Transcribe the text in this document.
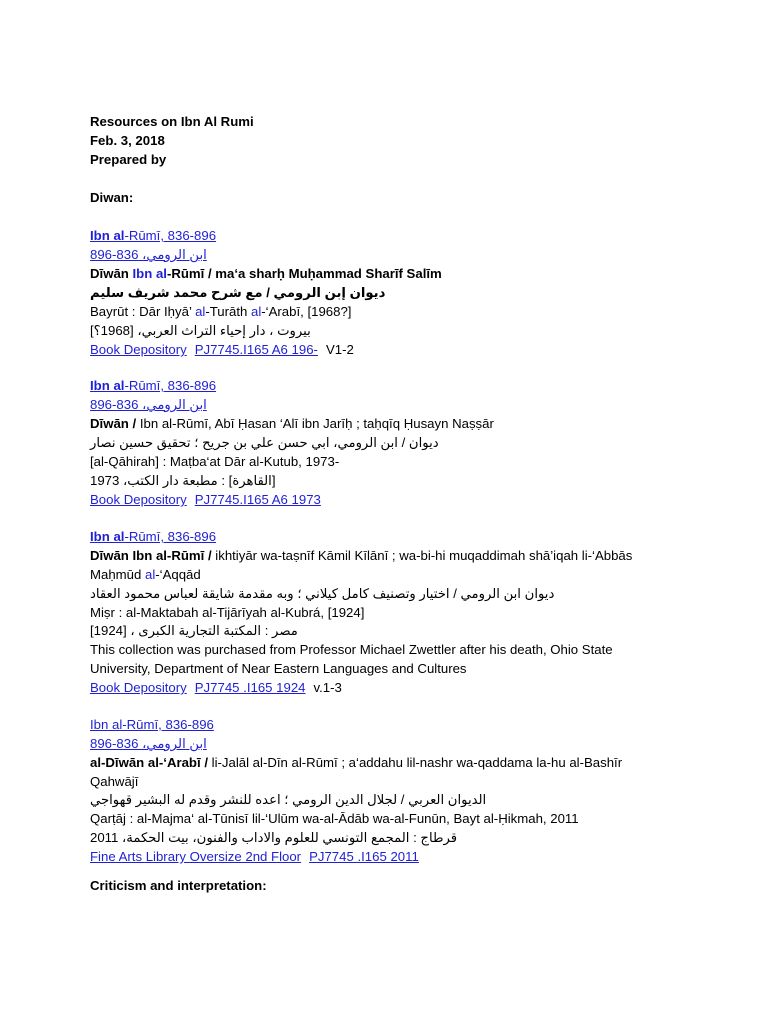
Resources on Ibn Al Rumi
Feb. 3, 2018
Prepared by
Diwan:
Ibn al-Rūmī, 836-896
ابن الرومي، 836-896
Dīwān Ibn al-Rūmī / ma‘a sharḥ Muḥammad Sharīf Salīm
ديوان إبن الرومي / مع شرح محمد شريف سليم
Bayrūt : Dār Iḥyā’ al-Turāth al-‘Arabī, [1968?]
بيروت ، دار إحياء التراث العربي، [1968؟]
Book Depository PJ7745.I165 A6 196- V1-2
Ibn al-Rūmī, 836-896
ابن الرومي، 836-896
Dīwān / Ibn al-Rūmī, Abī Ḥasan ‘Alī ibn Jarīḥ ; taḥqīq Ḥusayn Naṣṣār
ديوان / ابن الرومي، ابي حسن علي بن جريح ؛ تحقيق حسين نصار
[al-Qāhirah] : Maṭba‘at Dār al-Kutub, 1973-
[القاهرة] : مطبعة دار الكتب، 1973
Book Depository PJ7745.I165 A6 1973
Ibn al-Rūmī, 836-896
Dīwān Ibn al-Rūmī / ikhtiyār wa-taṣnīf Kāmil Kīlānī ; wa-bi-hi muqaddimah shā’iqah li-‘Abbās
Maḥmūd al-‘Aqqād
ديوان ابن الرومي / اختيار وتصنيف كامل كيلاني ؛ وبه مقدمة شايقة لعباس محمود العقاد
Miṣr : al-Maktabah al-Tijārīyah al-Kubrá, [1924]
مصر : المكتبة التجارية الكبرى ، [1924]
This collection was purchased from Professor Michael Zwettler after his death, Ohio State
University, Department of Near Eastern Languages and Cultures
Book Depository PJ7745 .I165 1924 v.1-3
Ibn al-Rūmī, 836-896
ابن الرومي، 836-896
al-Dīwān al-‘Arabī / li-Jalāl al-Dīn al-Rūmī ; a‘addahu lil-nashr wa-qaddama la-hu al-Bashīr
Qahwājī
الديوان العربي / لجلال الدين الرومي ؛ اعده للنشر وقدم له البشير قهواجي
Qarṭāj : al-Majma‘ al-Tūnisī lil-‘Ulūm wa-al-Ādāb wa-al-Funūn, Bayt al-Ḥikmah, 2011
قرطاج : المجمع التونسي للعلوم والاداب والفنون، بيت الحكمة، 2011
Fine Arts Library Oversize 2nd Floor PJ7745 .I165 2011
Criticism and interpretation:
